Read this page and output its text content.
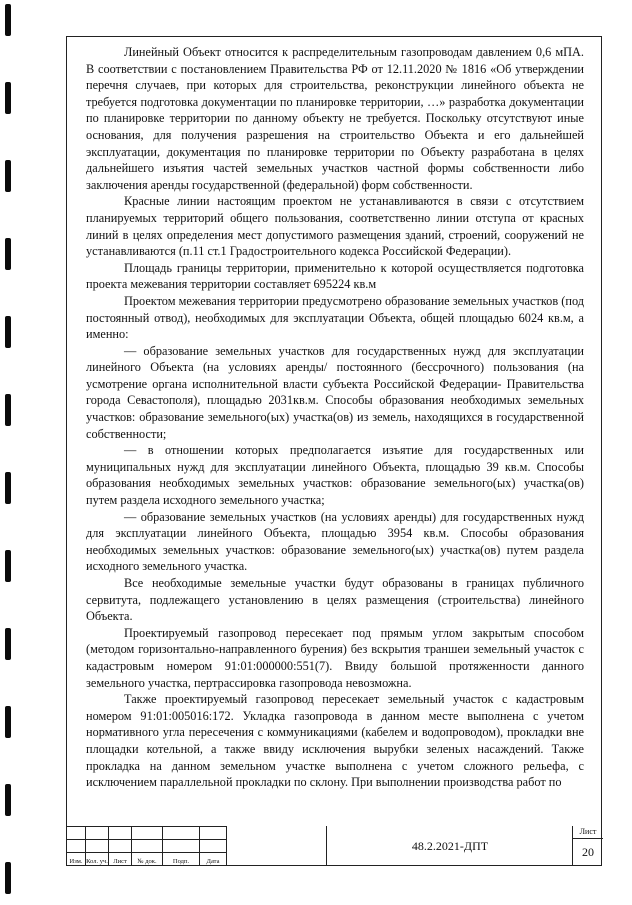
Линейный Объект относится к распределительным газопроводам давлением 0,6 мПА. В соответствии с постановлением Правительства РФ от 12.11.2020 № 1816 «Об утверждении перечня случаев, при которых для строительства, реконструкции линейного объекта не требуется подготовка документации по планировке территории, …» разработка документации по планировке территории по данному объекту не требуется. Поскольку отсутствуют иные основания, для получения разрешения на строительство Объекта и его дальнейшей эксплуатации, документация по планировке территории по Объекту разработана в целях дальнейшего изъятия частей земельных участков частной формы собственности либо заключения аренды государственной (федеральной) форм собственности.

Красные линии настоящим проектом не устанавливаются в связи с отсутствием планируемых территорий общего пользования, соответственно линии отступа от красных линий в целях определения мест допустимого размещения зданий, строений, сооружений не устанавливаются (п.11 ст.1 Градостроительного кодекса Российской Федерации).

Площадь границы территории, применительно к которой осуществляется подготовка проекта межевания территории составляет 695224 кв.м

Проектом межевания территории предусмотрено образование земельных участков (под постоянный отвод), необходимых для эксплуатации Объекта, общей площадью 6024 кв.м, а именно:

— образование земельных участков для государственных нужд для эксплуатации линейного Объекта (на условиях аренды/ постоянного (бессрочного) пользования (на усмотрение органа исполнительной власти субъекта Российской Федерации- Правительства города Севастополя), площадью 2031кв.м. Способы образования необходимых земельных участков: образование земельного(ых) участка(ов) из земель, находящихся в государственной собственности;

— в отношении которых предполагается изъятие для государственных или муниципальных нужд для эксплуатации линейного Объекта, площадью 39 кв.м. Способы образования необходимых земельных участков: образование земельного(ых) участка(ов) путем раздела исходного земельного участка;

— образование земельных участков (на условиях аренды) для государственных нужд для эксплуатации линейного Объекта, площадью 3954 кв.м. Способы образования необходимых земельных участков: образование земельного(ых) участка(ов) путем раздела исходного земельного участка.

Все необходимые земельные участки будут образованы в границах публичного сервитута, подлежащего установлению в целях размещения (строительства) линейного Объекта.

Проектируемый газопровод пересекает под прямым углом закрытым способом (методом горизонтально-направленного бурения) без вскрытия траншеи земельный участок с кадастровым номером 91:01:000000:551(7). Ввиду большой протяженности данного земельного участка, пертрассировка газопровода невозможна.

Также проектируемый газопровод пересекает земельный участок с кадастровым номером 91:01:005016:172. Укладка газопровода в данном месте выполнена с учетом нормативного угла пересечения с коммуникациями (кабелем и водопроводом), прокладки вне площадки котельной, а также ввиду исключения вырубки зеленых насаждений. Также прокладка на данном земельном участке выполнена с учетом сложного рельефа, с исключением параллельной прокладки по склону. При выполнении производства работ по

Изм.	Кол. уч.	Лист	№ док.	Подп.	Дата
48.2.2021-ДПТ
Лист
20
